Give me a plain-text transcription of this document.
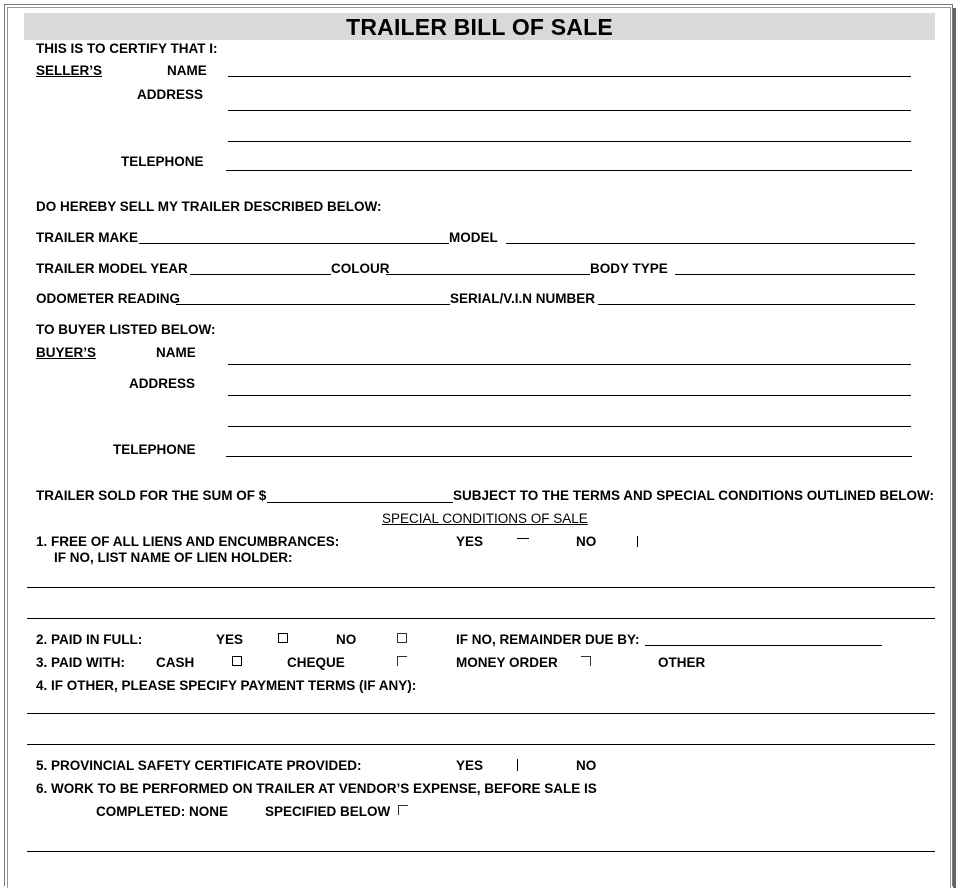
TRAILER BILL OF SALE
THIS IS TO CERTIFY THAT I:
SELLER’S	NAME
ADDRESS
TELEPHONE
DO HEREBY SELL MY TRAILER DESCRIBED BELOW:
TRAILER MAKE	MODEL
TRAILER MODEL YEAR	COLOUR	BODY TYPE
ODOMETER READING	SERIAL/V.I.N NUMBER
TO BUYER LISTED BELOW:
BUYER’S	NAME
ADDRESS
TELEPHONE
TRAILER SOLD FOR THE SUM OF $	SUBJECT TO THE TERMS AND SPECIAL CONDITIONS OUTLINED BELOW:
SPECIAL CONDITIONS OF SALE
1. FREE OF ALL LIENS AND ENCUMBRANCES:	YES	NO
IF NO, LIST NAME OF LIEN HOLDER:
2. PAID IN FULL:	YES	NO	IF NO, REMAINDER DUE BY:
3. PAID WITH: CASH	CHEQUE	MONEY ORDER	OTHER
4. IF OTHER, PLEASE SPECIFY PAYMENT TERMS (IF ANY):
5. PROVINCIAL SAFETY CERTIFICATE PROVIDED:	YES	NO
6. WORK TO BE PERFORMED ON TRAILER AT VENDOR’S EXPENSE, BEFORE SALE IS
COMPLETED: NONE	SPECIFIED BELOW
